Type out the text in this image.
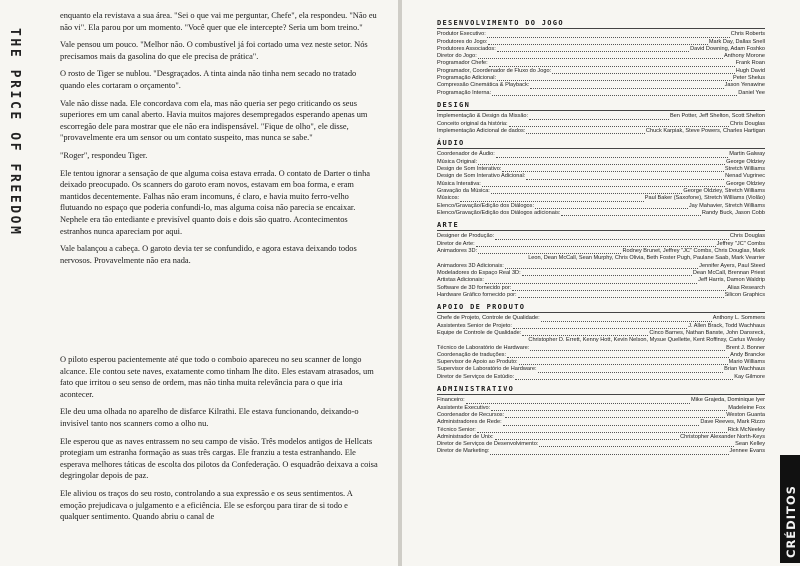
THE PRICE OF FREEDOM

enquanto ela revistava a sua área. "Sei o que vai me perguntar, Chefe", ela respondeu. "Não eu não vi". Ela parou por um momento. "Você quer que ele intercepte? Seria um bom treino."

Vale pensou um pouco. "Melhor não. O combustível já foi cortado uma vez neste setor. Nós precisamos mais da gasolina do que ele precisa de prática".

O rosto de Tiger se nublou. "Desgraçados. A tinta ainda não tinha nem secado no tratado quando eles cortaram o orçamento".

Vale não disse nada. Ele concordava com ela, mas não queria ser pego criticando os seus superiores em um canal aberto. Havia muitos majores desempregados esperando apenas um escorregão dele para mostrar que ele não era indispensável. "Fique de olho", ele disse, "provavelmente era um sensor ou um contato suspeito, mas nunca se sabe."

"Roger", respondeu Tiger.

Ele tentou ignorar a sensação de que alguma coisa estava errada. O contato de Darter o tinha deixado preocupado. Os scanners do garoto eram novos, estavam em boa forma, e eram mantidos decentemente. Falhas não eram incomuns, é claro, e havia muito ferro-velho flutuando no espaço que poderia confundi-lo, mas alguma coisa não parecia se encaixar. Nephele era tão entediante e previsível quanto dois e dois são quatro. Acontecimentos estranhos nunca apareciam por aqui.

Vale balançou a cabeça. O garoto devia ter se confundido, e agora estava deixando todos nervosos. Provavelmente não era nada.

O piloto esperou pacientemente até que todo o comboio apareceu no seu scanner de longo alcance. Ele contou sete naves, exatamente como tinham lhe dito. Eles estavam atrasados, um fato que irritou o seu senso de ordem, mas não tinha muita relevância para o que iria acontecer.

Ele deu uma olhada no aparelho de disfarce Kilrathi. Ele estava funcionando, deixando-o invisível tanto nos scanners como a olho nu.

Ele esperou que as naves entrassem no seu campo de visão. Três modelos antigos de Hellcats protegiam um estranha formação as suas três cargas. Ele franziu a testa estranhando. Ele esperava melhores táticas de escolta dos pilotos da Confederação. O esquadrão deixava a coisa degringolar depois de paz.

Ele aliviou os traços do seu rosto, controlando a sua expressão e os seus sentimentos. A emoção prejudicava o julgamento e a eficiência. Ele se esforçou para tirar de si todo e qualquer sentimento. Quando abriu o canal de

DESENVOLVIMENTO DO JOGO
Produtor Executivo:	Chris Roberts
Produtores do Jogo:	Mark Day, Dallas Snell
Produtores Associados:	David Downing, Adam Foshko
Diretor do Jogo:	Anthony Morone
Programador Chefe:	Frank Roan
Programador, Coordenador de Fluxo do Jogo:	Hugh David
Programação Adicional:	Peter Shelus
Compressão Cinemática & Playback:	Jason Yenawine
Programação Interna:	Daniel Yee
DESIGN
Implementação & Design da Missão:	Ben Potter, Jeff Shelton, Scott Shelton
Conceito original da história:	Chris Douglas
Implementação Adicional de dados:	Chuck Karpiak, Steve Powers, Charles Hartigan
ÁUDIO
Coordenador de Áudio:	Martin Galway
Música Original:	George Oldziey
Design de Som Interativo:	Stretch Williams
Design de Som Interativo Adicional:	Nenad Vugrinec
Música Interativa:	George Oldziey
Gravação da Música:	George Oldziey, Stretch Williams
Músicos:	Paul Baker (Saxofone), Stretch Williams (Violão)
Elenco/Gravação/Edição dos Diálogos:	Jay Mahavier, Stretch Williams
Elenco/Gravação/Edição dos Diálogos adicionais:	Randy Buck, Jason Cobb
ARTE
Designer de Produção:	Chris Douglas
Diretor de Arte:	Jeffrey "JC" Combs
Animadores 3D:	Rodney Brunet, Jeffrey "JC" Combs, Chris Douglas, Mark
Leon, Dean McCall, Sean Murphy, Chris Olivia, Beth Foster Pugh, Paulane Saab, Mark Vearrier
Animadores 3D Adicionais:	Jennifer Ayers, Paul Steed
Modeladores do Espaço Real 3D:	Dean McCall, Brennan Priest
Artistas Adicionais:	Jeff Harris, Damon Waldrip
Software de 3D fornecido por:	Alias Research
Hardware Gráfico fornecido por:	Silicon Graphics
APOIO DE PRODUTO
Chefe de Projeto, Controle de Qualidade:	Anthony L. Sommers
Assistentes Senior de Projeto:	J. Allen Brack, Todd Wachhaus
Equipe de Controle de Qualidade:	Cinco Barnes, Nathan Banste, John Dansreck,
Christopher D. Errett, Kenny Hott, Kevin Nelson, Mysue Quellette, Kent Roffinsy, Carlus Wesley
Técnico de Laboratório de Hardware:	Brent J. Bonner
Coordenação de traduções:	Andy Brancke
Supervisor de Apoio ao Produto:	Mario Williams
Supervisor de Laboratório de Hardware:	Brian Wachhaus
Diretor de Serviços de Estúdio:	Kay Gilmore
ADMINISTRATIVO
Financeiro:	Mike Grajeda, Dominique Iyer
Assistente Executivo:	Madeleine Fox
Coordenador de Recursos:	Weston Guanta
Administradores de Rede:	Dave Reeves, Mark Rizzo
Técnico Senior:	Rick McNeeley
Administrador de Unix:	Christopher Alexander North-Keys
Diretor de Serviços de Desenvolvimento:	Sean Kelley
Diretor de Marketing:	Jennee Evans
CRÉDITOS
